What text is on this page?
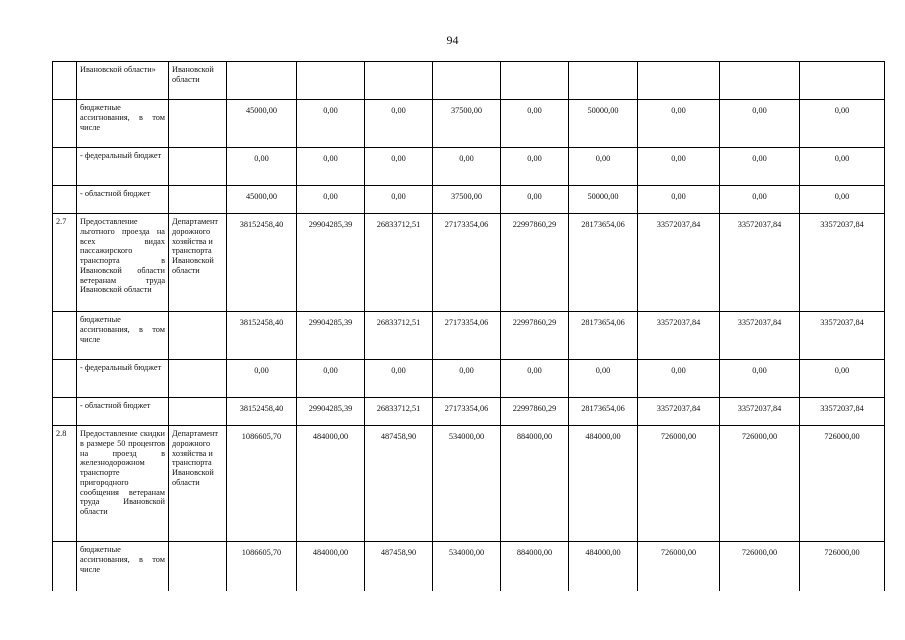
94
	Ивановской области»	Ивановской области									
	бюджетные ассигнования, в том числе		45000,00	0,00	0,00	37500,00	0,00	50000,00	0,00	0,00	0,00
	- федеральный бюджет		0,00	0,00	0,00	0,00	0,00	0,00	0,00	0,00	0,00
	- областной бюджет		45000,00	0,00	0,00	37500,00	0,00	50000,00	0,00	0,00	0,00
2.7	Предоставление льготного проезда на всех видах пассажирского транспорта в Ивановской области ветеранам труда Ивановской области	Департамент дорожного хозяйства и транспорта Ивановской области	38152458,40	29904285,39	26833712,51	27173354,06	22997860,29	28173654,06	33572037,84	33572037,84	33572037,84
	бюджетные ассигнования, в том числе		38152458,40	29904285,39	26833712,51	27173354,06	22997860,29	28173654,06	33572037,84	33572037,84	33572037,84
	- федеральный бюджет		0,00	0,00	0,00	0,00	0,00	0,00	0,00	0,00	0,00
	- областной бюджет		38152458,40	29904285,39	26833712,51	27173354,06	22997860,29	28173654,06	33572037,84	33572037,84	33572037,84
2.8	Предоставление скидки в размере 50 процентов на проезд в железнодорожном транспорте пригородного сообщения ветеранам труда Ивановской области	Департамент дорожного хозяйства и транспорта Ивановской области	1086605,70	484000,00	487458,90	534000,00	884000,00	484000,00	726000,00	726000,00	726000,00
	бюджетные ассигнования, в том числе		1086605,70	484000,00	487458,90	534000,00	884000,00	484000,00	726000,00	726000,00	726000,00
